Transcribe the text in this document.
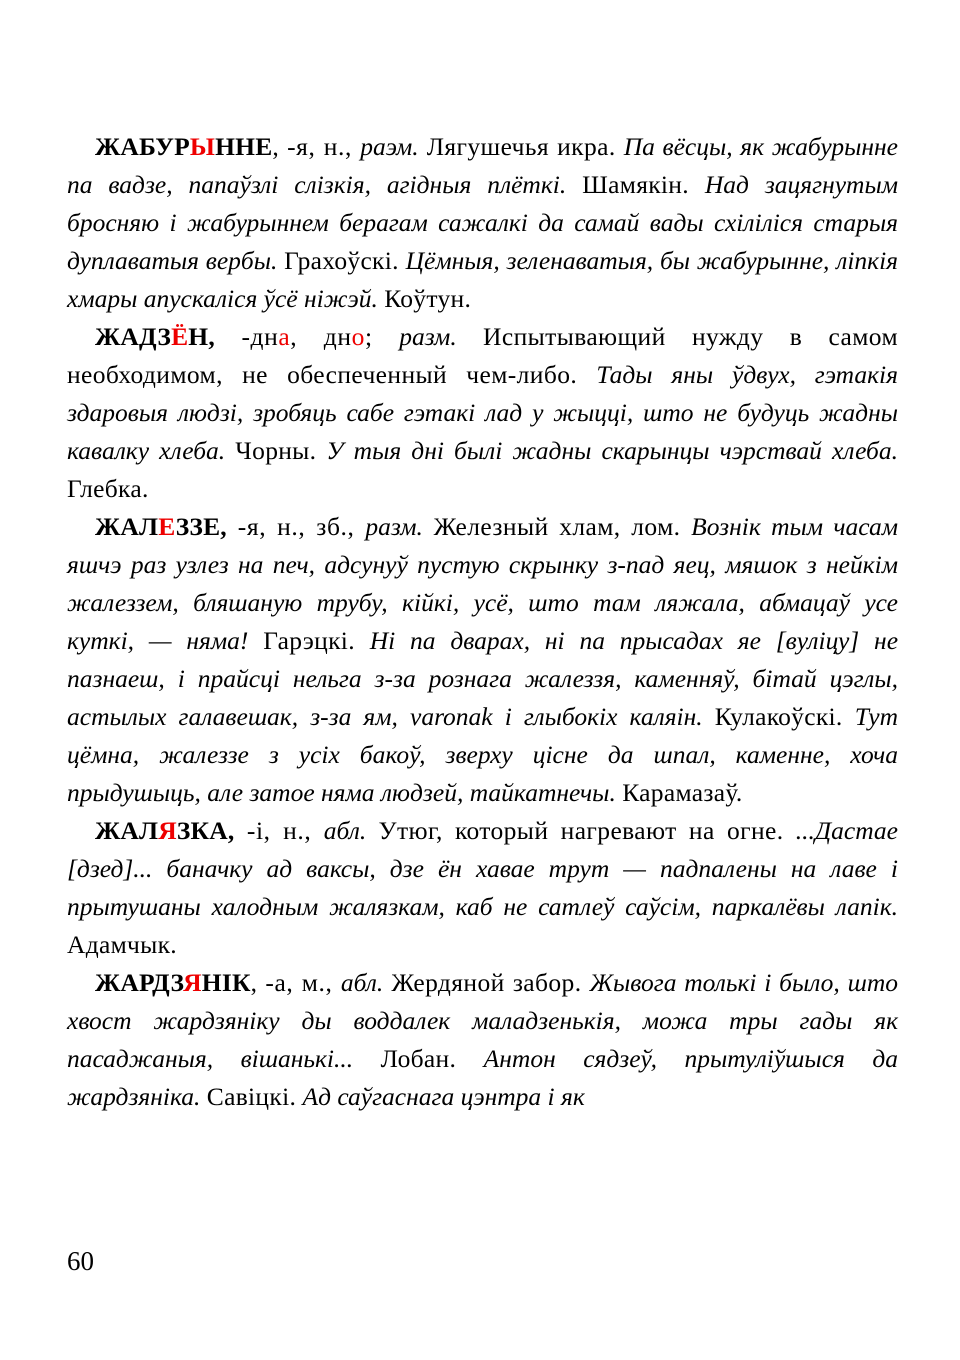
ЖАБУРЫННЕ, -я, н., раэм. Лягушечья икра. Па вёсцы, як жабурынне па вадзе, папаўзлі слізкія, агідныя плёткі. Шамякін. Над зацягнутым бросняю і жабурыннем берагам сажалкі да самай вады схіліліся старыя дуплаватыя вербы. Грахоўскі. Цёмныя, зеленаватыя, бы жабурынне, ліпкія хмары апускаліся ўсё ніжэй. Коўтун.

ЖАДЗЁН, -дна, дно; разм. Испытывающий нужду в самом необходимом, не обеспеченный чем-либо. Тады яны ўдвух, гэтакія здаровыя людзі, зробяць сабе гэтакі лад у жыцці, што не будуць жадны кавалку хлеба. Чорны. У тыя дні былі жадны скарынцы чэрствай хлеба. Глебка.

ЖАЛЕЗЗЕ, -я, н., зб., разм. Железный хлам, лом. Вознік тым часам яшчэ раз узлез на печ, адсунуў пустую скрынку з-пад яец, мяшок з нейкім жалеззем, бляшаную трубу, кійкі, усё, што там ляжала, абмацаў усе куткі, — няма! Гарэцкі. Ні па дварах, ні па прысадах яе [вуліцу] не пазнаеш, і прайсці нельга з-за рознага жалеззя, каменняў, бітай цэглы, астылых галавешак, з-за ям, varonak і глыбокіх каляін. Кулакоўскі. Тут цёмна, жалеззе з усіх бакоў, зверху цісне да шпал, каменне, хоча прыдушыць, але затое няма людзей, тайкатнечы. Карамазаў.

ЖАЛЯЗКА, -і, н., абл. Утюг, который нагревают на огне. ...Дастае [дзед]... баначку ад ваксы, дзе ён хавае трут — падпалены на лаве і прытушаны халодным жалязкам, каб не сатлеў саўсім, паркалёвы лапік. Адамчык.

ЖАРДЗЯНІК, -а, м., абл. Жердяной забор. Жывога толькі і было, што хвост жардзяніку ды воддалек маладзенькія, можа тры гады як пасаджаныя, вішанькі... Лобан. Антон сядзеў, прытуліўшыся да жардзяніка. Савіцкі. Ад саўгаснага цэнтра і як

60
